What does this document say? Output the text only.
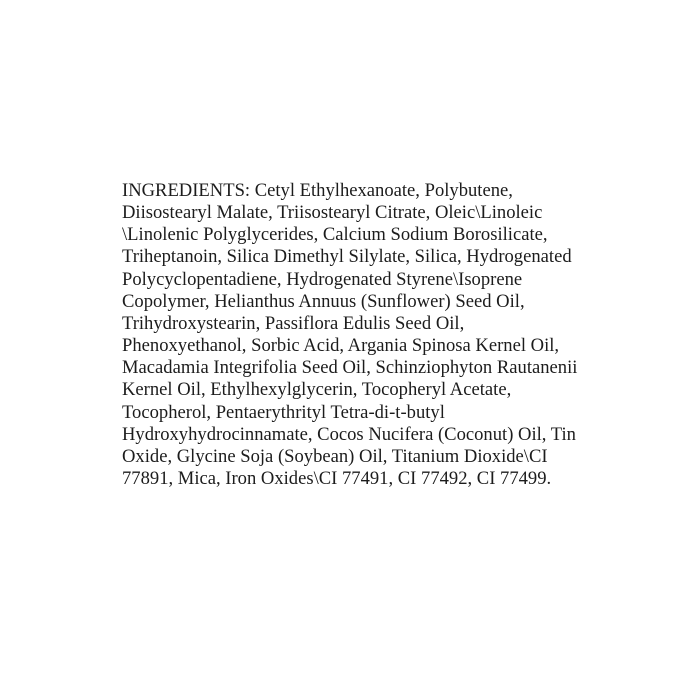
INGREDIENTS: Cetyl Ethylhexanoate, Polybutene,
Diisostearyl Malate, Triisostearyl Citrate, Oleic\Linoleic
\Linolenic Polyglycerides, Calcium Sodium Borosilicate,
Triheptanoin, Silica Dimethyl Silylate, Silica, Hydrogenated
Polycyclopentadiene, Hydrogenated Styrene\Isoprene
Copolymer, Helianthus Annuus (Sunflower) Seed Oil,
Trihydroxystearin, Passiflora Edulis Seed Oil,
Phenoxyethanol, Sorbic Acid, Argania Spinosa Kernel Oil,
Macadamia Integrifolia Seed Oil, Schinziophyton Rautanenii
Kernel Oil, Ethylhexylglycerin, Tocopheryl Acetate,
Tocopherol, Pentaerythrityl Tetra-di-t-butyl
Hydroxyhydrocinnamate, Cocos Nucifera (Coconut) Oil, Tin
Oxide, Glycine Soja (Soybean) Oil, Titanium Dioxide\CI
77891, Mica, Iron Oxides\CI 77491, CI 77492, CI 77499.
